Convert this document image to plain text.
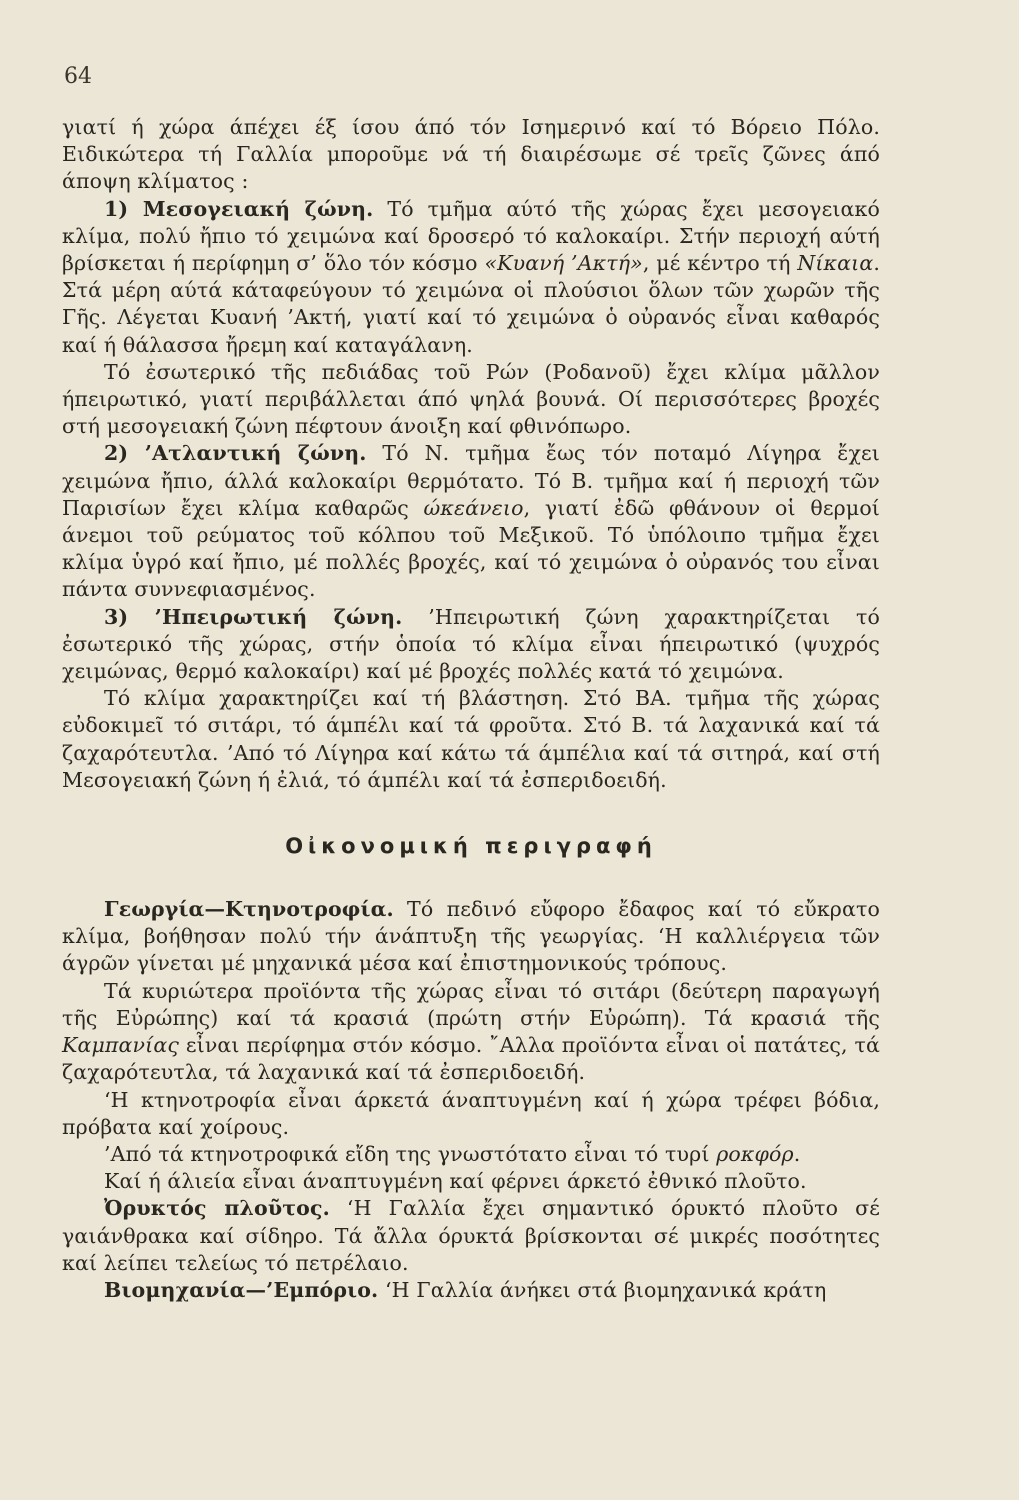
64

γιατί ή χώρα άπέχει έξ ίσου άπό τόν Ισημερινό καί τό Βόρειο Πόλο. Ειδικώτερα τή Γαλλία μποροῦμε νά τή διαιρέσωμε σέ τρεῖς ζῶνες άπό άποψη κλίματος :

1) Μεσογειακή ζώνη. Τό τμῆμα αύτό τῆς χώρας ἔχει μεσογειακό κλίμα, πολύ ἤπιο τό χειμώνα καί δροσερό τό καλοκαίρι. Στήν περιοχή αύτή βρίσκεται ή περίφημη σ’ ὅλο τόν κόσμο «Κυανή ’Ακτή», μέ κέντρο τή Νίκαια. Στά μέρη αύτά κάταφεύγουν τό χειμώνα οἱ πλούσιοι ὅλων τῶν χωρῶν τῆς Γῆς. Λέγεται Κυανή ’Ακτή, γιατί καί τό χειμώνα ὁ οὐρανός εἶναι καθαρός καί ή θάλασσα ἤρεμη καί καταγάλανη.

Τό ἐσωτερικό τῆς πεδιάδας τοῦ Ρών (Ροδανοῦ) ἔχει κλίμα μᾶλλον ήπειρωτικό, γιατί περιβάλλεται άπό ψηλά βουνά. Οί περισσότερες βροχές στή μεσογειακή ζώνη πέφτουν άνοιξη καί φθινόπωρο.

2) ’Ατλαντική ζώνη. Τό Ν. τμῆμα ἔως τόν ποταμό Λίγηρα ἔχει χειμώνα ἤπιο, άλλά καλοκαίρι θερμότατο. Τό Β. τμῆμα καί ή περιοχή τῶν Παρισίων ἔχει κλίμα καθαρῶς ώκεάνειο, γιατί ἐδῶ φθάνουν οἱ θερμοί άνεμοι τοῦ ρεύματος τοῦ κόλπου τοῦ Μεξικοῦ. Τό ὑπόλοιπο τμῆμα ἔχει κλίμα ὑγρό καί ἤπιο, μέ πολλές βροχές, καί τό χειμώνα ὁ οὐρανός του εἶναι πάντα συννεφιασμένος.

3) ’Ηπειρωτική ζώνη. ’Ηπειρωτική ζώνη χαρακτηρίζεται τό ἐσωτερικό τῆς χώρας, στήν ὁποία τό κλίμα εἶναι ήπειρωτικό (ψυχρός χειμώνας, θερμό καλοκαίρι) καί μέ βροχές πολλές κατά τό χειμώνα.

Τό κλίμα χαρακτηρίζει καί τή βλάστηση. Στό ΒΑ. τμῆμα τῆς χώρας εὐδοκιμεῖ τό σιτάρι, τό άμπέλι καί τά φροῦτα. Στό Β. τά λαχανικά καί τά ζαχαρότευτλα. ’Από τό Λίγηρα καί κάτω τά άμπέλια καί τά σιτηρά, καί στή Μεσογειακή ζώνη ή ἐλιά, τό άμπέλι καί τά ἐσπεριδοειδή.

Οἰκονομική περιγραφή

Γεωργία—Κτηνοτροφία. Τό πεδινό εὔφορο ἔδαφος καί τό εὔκρατο κλίμα, βοήθησαν πολύ τήν άνάπτυξη τῆς γεωργίας. ‘Η καλλιέργεια τῶν άγρῶν γίνεται μέ μηχανικά μέσα καί ἐπιστημονικούς τρόπους.

Τά κυριώτερα προϊόντα τῆς χώρας εἶναι τό σιτάρι (δεύτερη παραγωγή τῆς Εὐρώπης) καί τά κρασιά (πρώτη στήν Εὐρώπη). Τά κρασιά τῆς Καμπανίας εἶναι περίφημα στόν κόσμο. ῎Αλλα προϊόντα εἶναι οἱ πατάτες, τά ζαχαρότευτλα, τά λαχανικά καί τά ἐσπεριδοειδή.

‘Η κτηνοτροφία εἶναι άρκετά άναπτυγμένη καί ή χώρα τρέφει βόδια, πρόβατα καί χοίρους.

’Από τά κτηνοτροφικά εἴδη της γνωστότατο εἶναι τό τυρί ροκφόρ.

Καί ή άλιεία εἶναι άναπτυγμένη καί φέρνει άρκετό ἐθνικό πλοῦτο.

Ὀρυκτός πλοῦτος. ‘Η Γαλλία ἔχει σημαντικό όρυκτό πλοῦτο σέ γαιάνθρακα καί σίδηρο. Τά ἄλλα όρυκτά βρίσκονται σέ μικρές ποσότητες καί λείπει τελείως τό πετρέλαιο.

Βιομηχανία—’Εμπόριο. ‘Η Γαλλία άνήκει στά βιομηχανικά κράτη
